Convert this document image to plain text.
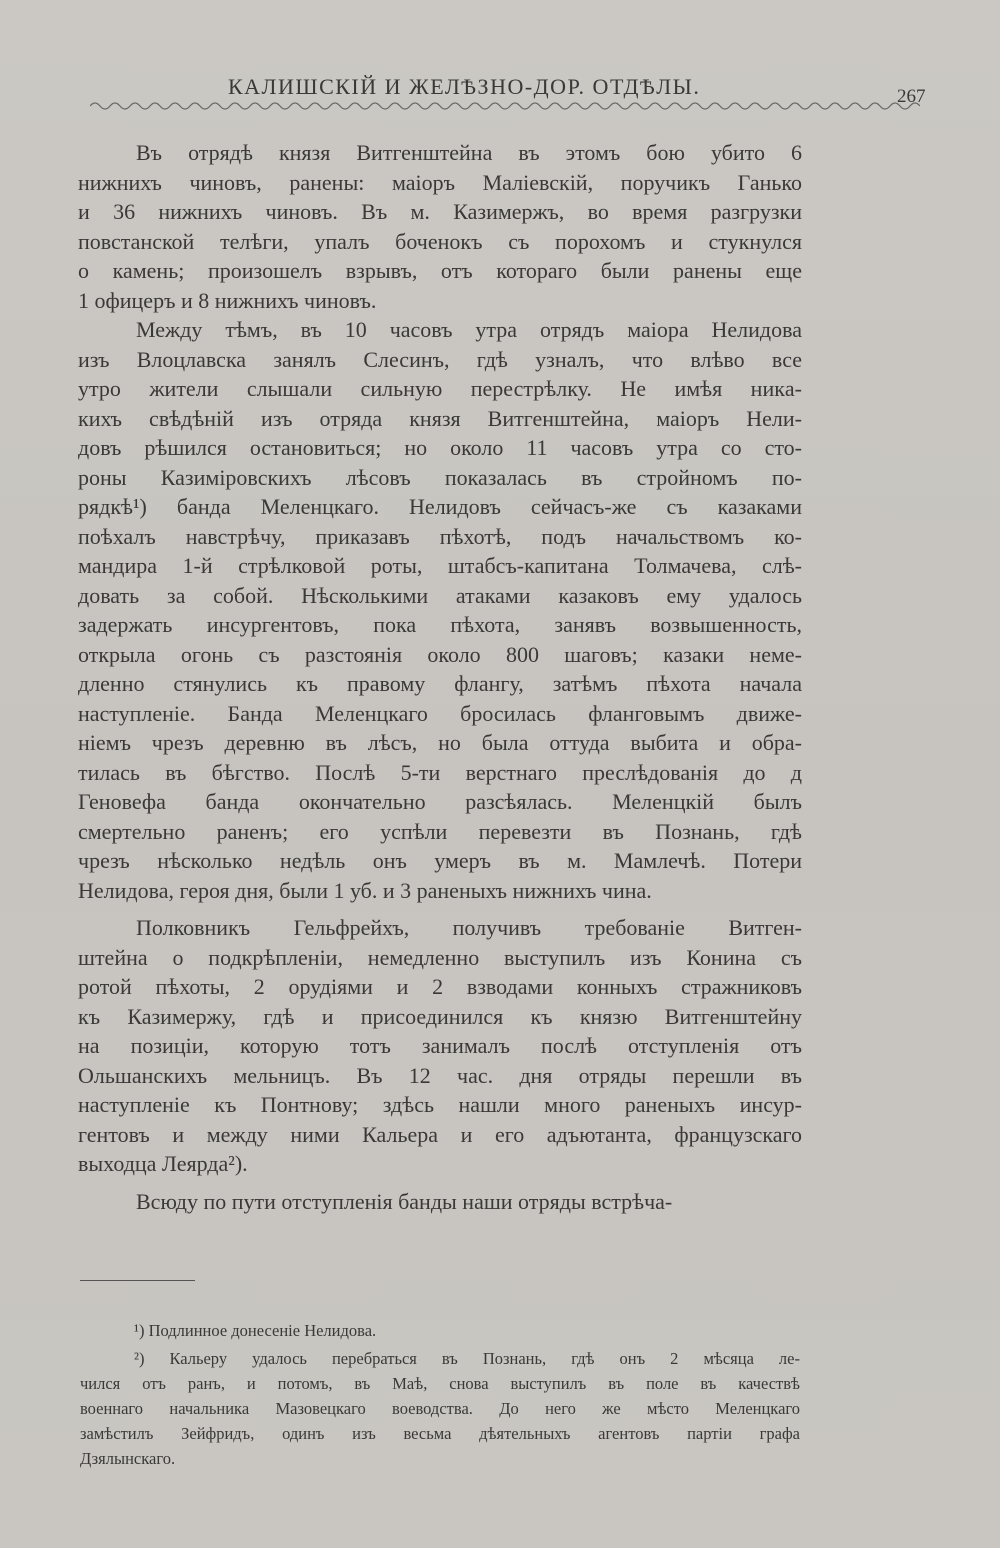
КАЛИШСКІЙ И ЖЕЛѢЗНО-ДОР. ОТДѢЛЫ.	267
Въ отрядѣ князя Витгенштейна въ этомъ бою убито 6
нижнихъ чиновъ, ранены: маіоръ Маліевскій, поручикъ Ганько
и 36 нижнихъ чиновъ. Въ м. Казимержъ, во время разгрузки
повстанской телѣги, упалъ боченокъ съ порохомъ и стукнулся
о камень; произошелъ взрывъ, отъ котораго были ранены еще
1 офицеръ и 8 нижнихъ чиновъ.
Между тѣмъ, въ 10 часовъ утра отрядъ маіора Нелидова
изъ Влоцлавска занялъ Слесинъ, гдѣ узналъ, что влѣво все
утро жители слышали сильную перестрѣлку. Не имѣя никa-
кихъ свѣдѣній изъ отряда князя Витгенштейна, маіоръ Нели-
довъ рѣшился остановиться; но около 11 часовъ утра со сто-
роны Казиміровскихъ лѣсовъ показалась въ стройномъ по-
рядкѣ¹) банда Меленцкаго. Нелидовъ сейчасъ-же съ казаками
поѣхалъ навстрѣчу, приказавъ пѣхотѣ, подъ начальствомъ ко-
мандира 1-й стрѣлковой роты, штабсъ-капитана Толмачева, слѣ-
довать за собой. Нѣсколькими атаками казаковъ ему удалось
задержать инсургентовъ, пока пѣхота, занявъ возвышенность,
открыла огонь съ разстоянія около 800 шаговъ; казаки неме-
дленно стянулись къ правому флангу, затѣмъ пѣхота начала
наступленіе. Банда Меленцкаго бросилась фланговымъ движе-
ніемъ чрезъ деревню въ лѣсъ, но была оттуда выбита и обра-
тилась въ бѣгство. Послѣ 5-ти верстнаго преслѣдованія до д
Геновефа банда окончательно разсѣялась. Меленцкій былъ
смертельно раненъ; его успѣли перевезти въ Познань, гдѣ
чрезъ нѣсколько недѣль онъ умеръ въ м. Мамлечѣ. Потери
Нелидова, героя дня, были 1 уб. и 3 раненыхъ нижнихъ чина.
Полковникъ Гельфрейхъ, получивъ требованіе Витген-
штейна о подкрѣпленіи, немедленно выступилъ изъ Конина съ
ротой пѣхоты, 2 орудіями и 2 взводами конныхъ стражниковъ
къ Казимержу, гдѣ и присоединился къ князю Витгенштейну
на позиціи, которую тотъ занималъ послѣ отступленія отъ
Ольшанскихъ мельницъ. Въ 12 час. дня отряды перешли въ
наступленіе къ Понтнову; здѣсь нашли много раненыхъ инсур-
гентовъ и между ними Кальера и его адъютанта, французскаго
выходца Леярда²).
Всюду по пути отступленія банды наши отряды встрѣча-
¹) Подлинное донесеніе Нелидова.
²) Кальеру удалось перебраться въ Познань, гдѣ онъ 2 мѣсяца ле-
чился отъ ранъ, и потомъ, въ Маѣ, снова выступилъ въ поле въ качествѣ
военнаго начальника Мазовецкаго воеводства. До него же мѣсто Меленцкаго
замѣстилъ Зейфридъ, одинъ изъ весьма дѣятельныхъ агентовъ партіи графа
Дзялынскаго.
